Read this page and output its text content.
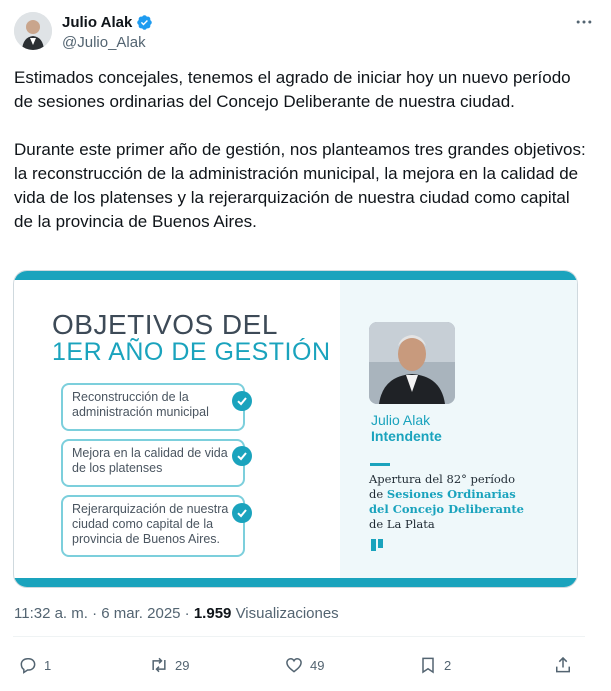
Julio Alak
@Julio_Alak

Estimados concejales, tenemos el agrado de iniciar hoy un nuevo período de sesiones ordinarias del Concejo Deliberante de nuestra ciudad.

Durante este primer año de gestión, nos planteamos tres grandes objetivos: la reconstrucción de la administración municipal, la mejora en la calidad de vida de los platenses y la rejerarquización de nuestra ciudad como capital de la provincia de Buenos Aires.

OBJETIVOS DEL
1ER AÑO DE GESTIÓN
Reconstrucción de la administración municipal
Mejora en la calidad de vida de los platenses
Rejerarquización de nuestra ciudad como capital de la provincia de Buenos Aires.
Julio Alak
Intendente
Apertura del 82° período
de Sesiones Ordinarias
del Concejo Deliberante
de La Plata
11:32 a. m. · 6 mar. 2025 · 1.959 Visualizaciones
1	29	49	2
